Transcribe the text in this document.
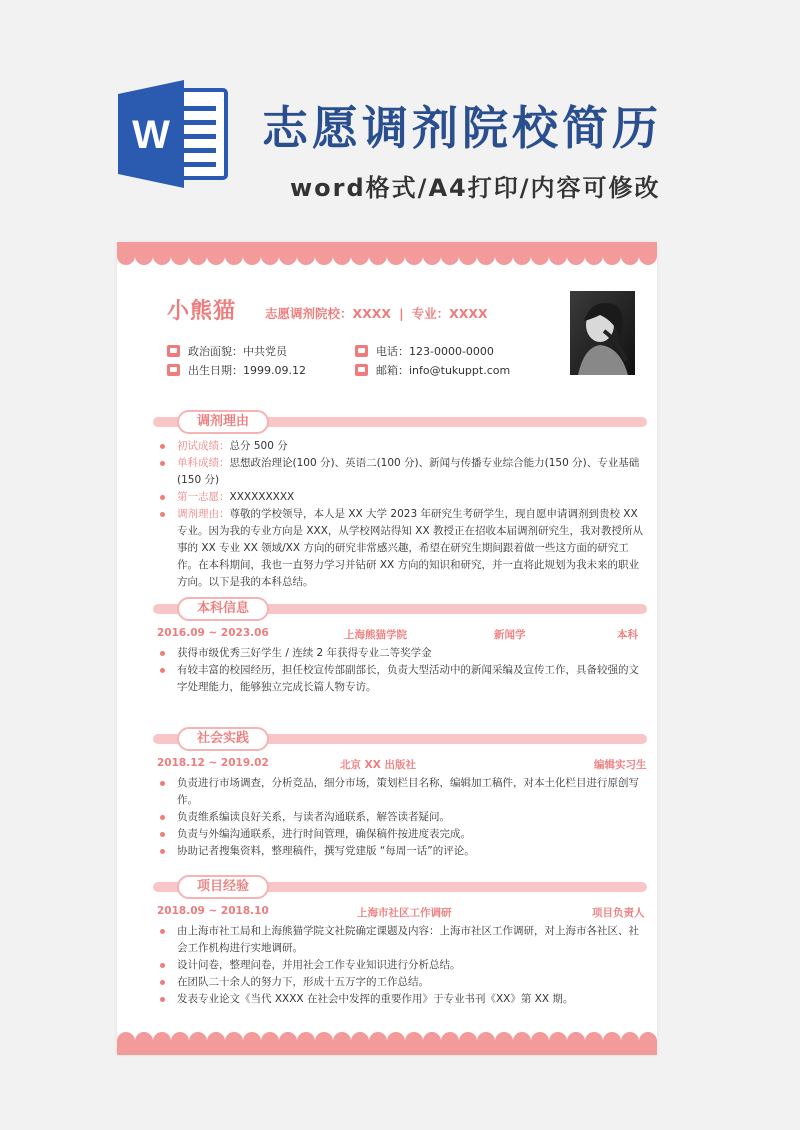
W 志愿调剂院校简历
word格式/A4打印/内容可修改
小熊猫 志愿调剂院校：XXXX | 专业：XXXX
政治面貌： 中共党员
出生日期： 1999.09.12
电话： 123-0000-0000
邮箱： info@tukuppt.com
调剂理由
初试成绩：总分 500 分
单科成绩：思想政治理论(100 分)、英语二(100 分)、新闻与传播专业综合能力(150 分)、专业基础(150 分)
第一志愿：XXXXXXXXX
调剂理由：尊敬的学校领导，本人是 XX 大学 2023 年研究生考研学生，现自愿申请调剂到贵校 XX 专业。因为我的专业方向是 XXX，从学校网站得知 XX 教授正在招收本届调剂研究生，我对教授所从事的 XX 专业 XX 领域/XX 方向的研究非常感兴趣，希望在研究生期间跟着做一些这方面的研究工作。在本科期间，我也一直努力学习并钻研 XX 方向的知识和研究，并一直将此规划为我未来的职业方向。以下是我的本科总结。
本科信息
2016.09 ~ 2023.06	上海熊猫学院	新闻学	本科
获得市级优秀三好学生 / 连续 2 年获得专业二等奖学金
有较丰富的校园经历，担任校宣传部副部长，负责大型活动中的新闻采编及宣传工作，具备较强的文字处理能力，能够独立完成长篇人物专访。
社会实践
2018.12 ~ 2019.02	北京 XX 出版社	编辑实习生
负责进行市场调查，分析竞品，细分市场，策划栏目名称，编辑加工稿件，对本土化栏目进行原创写作。
负责维系编读良好关系，与读者沟通联系，解答读者疑问。
负责与外编沟通联系，进行时间管理，确保稿件按进度表完成。
协助记者搜集资料，整理稿件，撰写党建版 “每周一话”的评论。
项目经验
2018.09 ~ 2018.10	上海市社区工作调研	项目负责人
由上海市社工局和上海熊猫学院文社院确定课题及内容：上海市社区工作调研，对上海市各社区、社会工作机构进行实地调研。
设计问卷，整理问卷，并用社会工作专业知识进行分析总结。
在团队二十余人的努力下，形成十五万字的工作总结。
发表专业论文《当代 XXXX 在社会中发挥的重要作用》于专业书刊《XX》第 XX 期。
